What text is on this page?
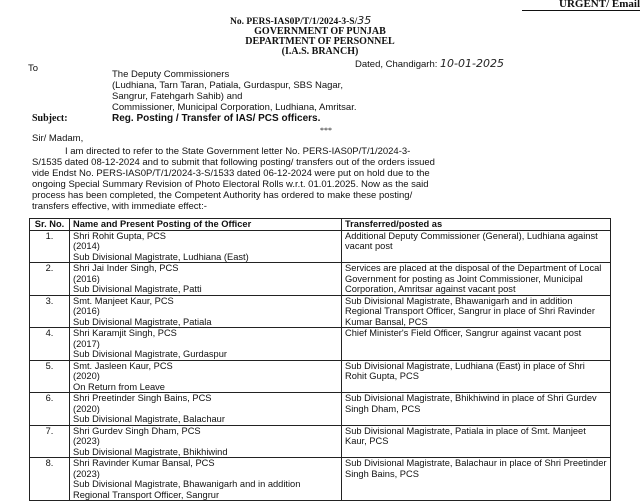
URGENT/ Email
No. PERS-IAS0P/T/1/2024-3-S/35
GOVERNMENT OF PUNJAB
DEPARTMENT OF PERSONNEL
(I.A.S. BRANCH)
Dated, Chandigarh: 10-01-2025
To
The Deputy Commissioners
(Ludhiana, Tarn Taran, Patiala, Gurdaspur, SBS Nagar,
Sangrur, Fatehgarh Sahib) and
Commissioner, Municipal Corporation, Ludhiana, Amritsar.
Subject:	Reg. Posting / Transfer of IAS/ PCS officers.
***
Sir/ Madam,
I am directed to refer to the State Government letter No. PERS-IAS0P/T/1/2024-3-
S/1535 dated 08-12-2024 and to submit that following posting/ transfers out of the orders issued
vide Endst No. PERS-IAS0P/T/1/2024-3-S/1533 dated 06-12-2024 were put on hold due to the
ongoing Special Summary Revision of Photo Electoral Rolls w.r.t. 01.01.2025. Now as the said
process has been completed, the Competent Authority has ordered to make these posting/
transfers effective, with immediate effect:-
Sr. No.	Name and Present Posting of the Officer	Transferred/posted as
1.	Shri Rohit Gupta, PCS
(2014)
Sub Divisional Magistrate, Ludhiana (East)	Additional Deputy Commissioner (General), Ludhiana against vacant post
2.	Shri Jai Inder Singh, PCS
(2016)
Sub Divisional Magistrate, Patti	Services are placed at the disposal of the Department of Local Government for posting as Joint Commissioner, Municipal Corporation, Amritsar against vacant post
3.	Smt. Manjeet Kaur, PCS
(2016)
Sub Divisional Magistrate, Patiala	Sub Divisional Magistrate, Bhawanigarh and in addition Regional Transport Officer, Sangrur in place of Shri Ravinder Kumar Bansal, PCS
4.	Shri Karamjit Singh, PCS
(2017)
Sub Divisional Magistrate, Gurdaspur	Chief Minister's Field Officer, Sangrur against vacant post
5.	Smt. Jasleen Kaur, PCS
(2020)
On Return from Leave	Sub Divisional Magistrate, Ludhiana (East) in place of Shri Rohit Gupta, PCS
6.	Shri Preetinder Singh Bains, PCS
(2020)
Sub Divisional Magistrate, Balachaur	Sub Divisional Magistrate, Bhikhiwind in place of Shri Gurdev Singh Dham, PCS
7.	Shri Gurdev Singh Dham, PCS
(2023)
Sub Divisional Magistrate, Bhikhiwind	Sub Divisional Magistrate, Patiala in place of Smt. Manjeet Kaur, PCS
8.	Shri Ravinder Kumar Bansal, PCS
(2023)
Sub Divisional Magistrate, Bhawanigarh and in addition Regional Transport Officer, Sangrur	Sub Divisional Magistrate, Balachaur in place of Shri Preetinder Singh Bains, PCS
